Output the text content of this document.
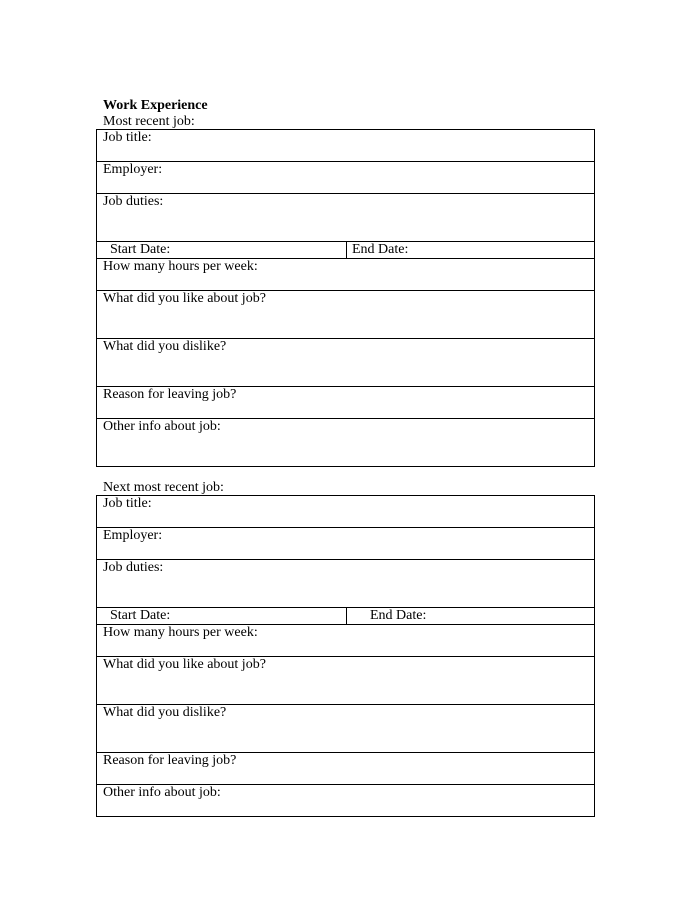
Work Experience
Most recent job:
Job title:
Employer:
Job duties:
Start Date:	End Date:
How many hours per week:
What did you like about job?
What did you dislike?
Reason for leaving job?
Other info about job:
Next most recent job:
Job title:
Employer:
Job duties:
Start Date:	End Date:
How many hours per week:
What did you like about job?
What did you dislike?
Reason for leaving job?
Other info about job:
